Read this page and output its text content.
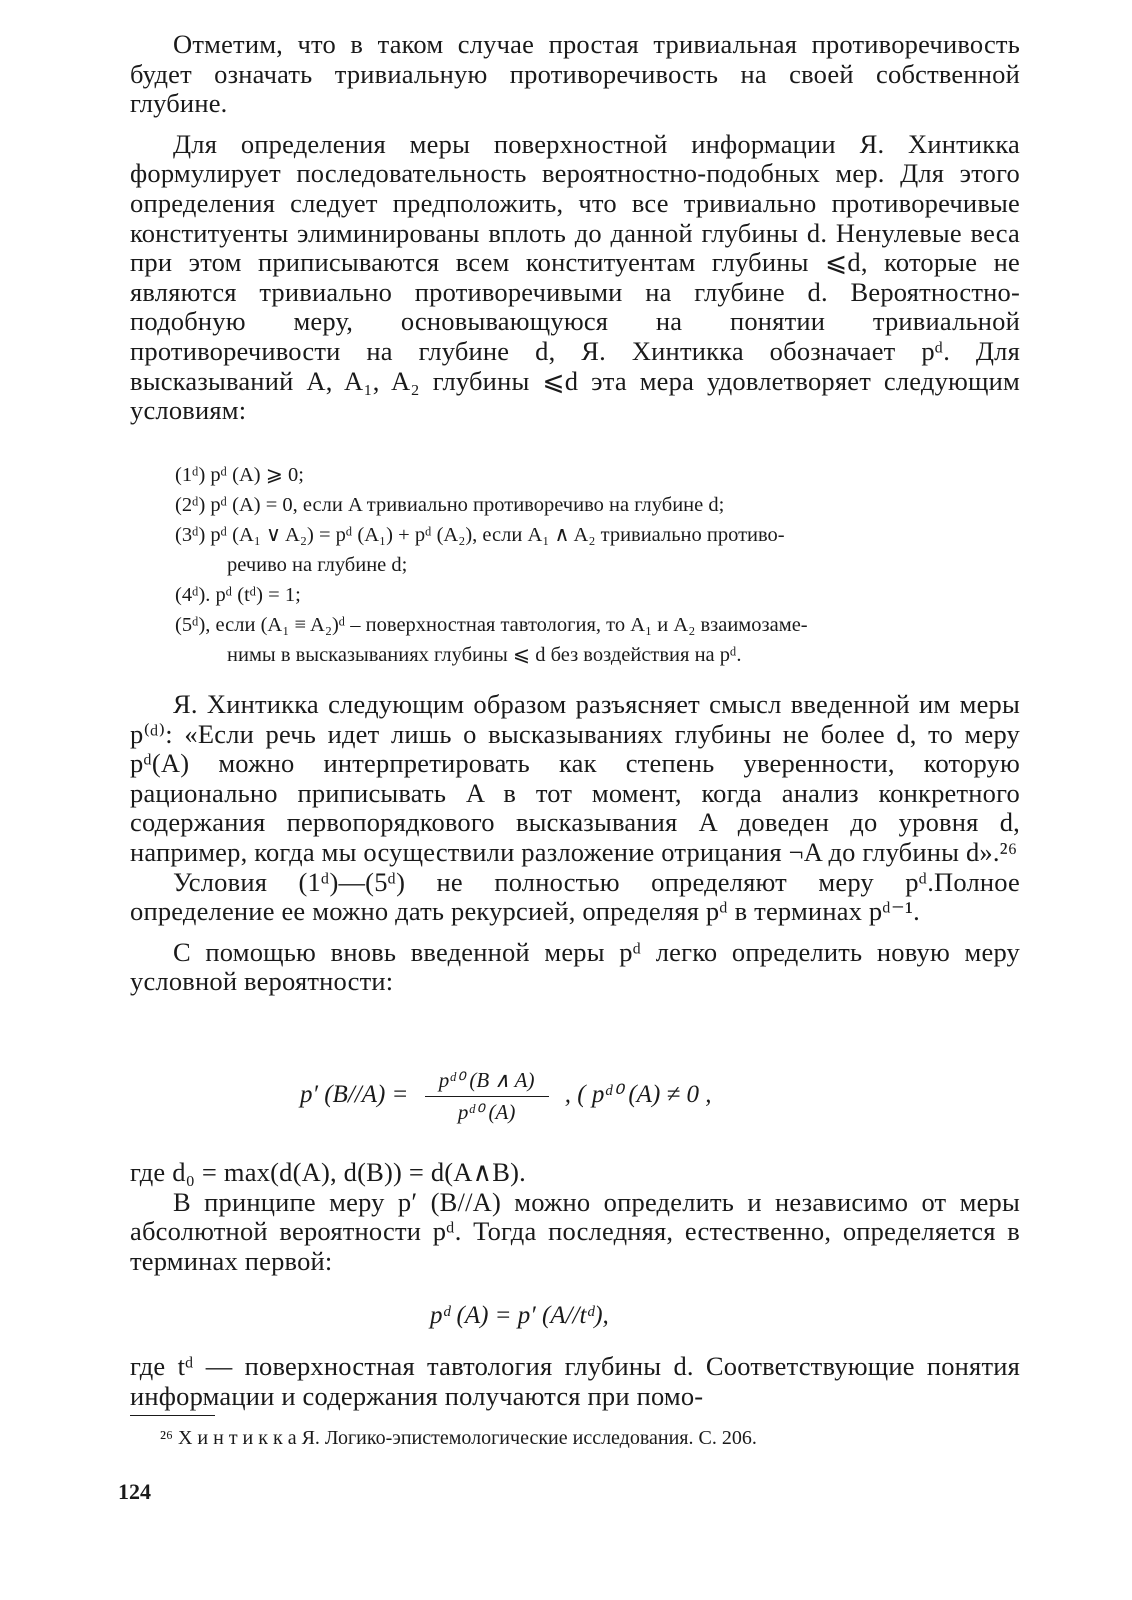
Отметим, что в таком случае простая тривиальная противоречивость будет означать тривиальную противоречивость на своей собственной глубине.

Для определения меры поверхностной информации Я. Хинтикка формулирует последовательность вероятностно-подобных мер. Для этого определения следует предположить, что все тривиально противоречивые конституенты элиминированы вплоть до данной глубины d. Ненулевые веса при этом приписываются всем конституентам глубины ⩽d, которые не являются тривиально противоречивыми на глубине d. Вероятностно-подобную меру, основывающуюся на понятии тривиальной противоречивости на глубине d, Я. Хинтикка обозначает pᵈ. Для высказываний A, A₁, A₂ глубины ⩽d эта мера удовлетворяет следующим условиям:

(1ᵈ) pᵈ (A) ⩾ 0;

(2ᵈ) pᵈ (A) = 0, если A тривиально противоречиво на глубине d;

(3ᵈ) pᵈ (A₁ ∨ A₂) = pᵈ (A₁) + pᵈ (A₂), если A₁ ∧ A₂ тривиально противо-
речиво на глубине d;

(4ᵈ). pᵈ (tᵈ) = 1;

(5ᵈ), если (A₁ ≡ A₂)ᵈ – поверхностная тавтология, то A₁ и A₂ взаимозаме-
нимы в высказываниях глубины ⩽ d без воздействия на pᵈ.

Я. Хинтикка следующим образом разъясняет смысл введенной им меры p⁽ᵈ⁾: «Если речь идет лишь о высказываниях глубины не более d, то меру pᵈ(A) можно интерпретировать как степень уверенности, которую рационально приписывать A в тот момент, когда анализ конкретного содержания первопорядкового высказывания A доведен до уровня d, например, когда мы осуществили разложение отрицания ¬A до глубины d».²⁶

Условия (1ᵈ)—(5ᵈ) не полностью определяют меру pᵈ.Полное определение ее можно дать рекурсией, определяя pᵈ в терминах pᵈ⁻¹.

С помощью вновь введенной меры pᵈ легко определить новую меру условной вероятности:

p′ $(B//A) = \frac{\text{pᵈ⁰ (B ∧ A)}}{\text{pᵈ⁰ (A)}}$ , ( pᵈ⁰ (A) ≠ 0 ,

где d₀ = max(d(A), d(B)) = d(A∧B).

В принципе меру p′ (B//A) можно определить и независимо от меры абсолютной вероятности pᵈ. Тогда последняя, естественно, определяется в терминах первой:

pᵈ (A) = p′ (A//tᵈ),

где tᵈ — поверхностная тавтология глубины d. Соответствующие понятия информации и содержания получаются при помо-

²⁶ Х и н т и к к а Я. Логико-эпистемологические исследования. С. 206.
124
